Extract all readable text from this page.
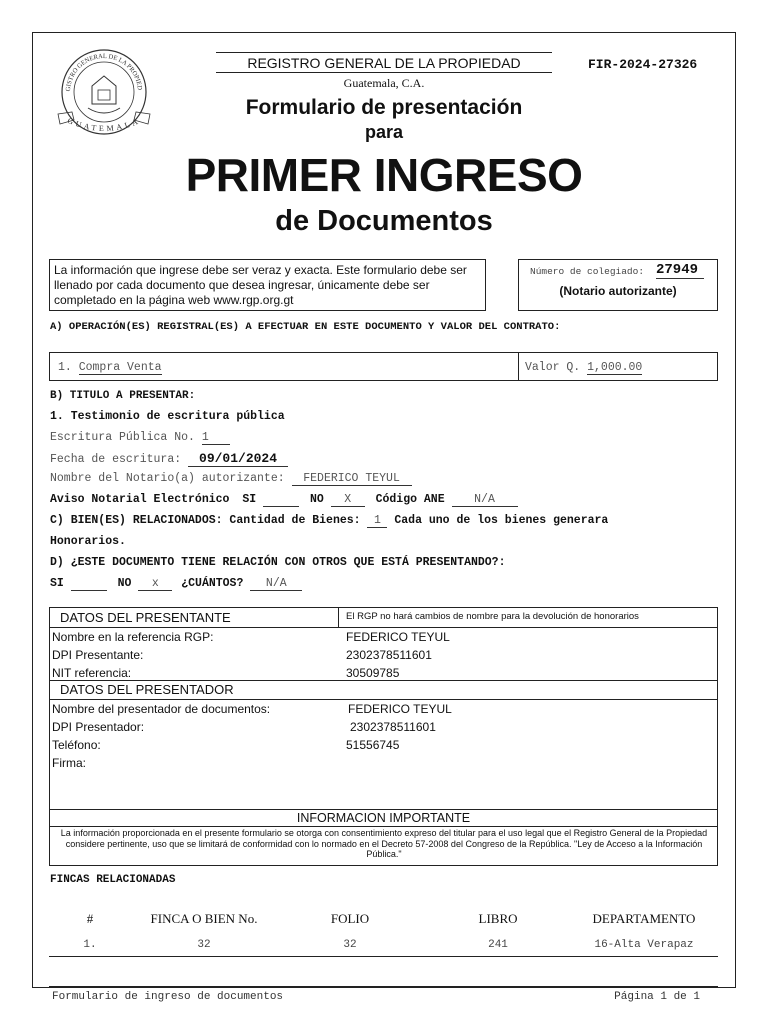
GISTRO GENERAL DE LA PROPIED
GUATEMALA
REGISTRO GENERAL DE LA PROPIEDAD
Guatemala, C.A.
FIR-2024-27326
Formulario de presentación
para
PRIMER INGRESO
de Documentos
La información que ingrese debe ser veraz y exacta. Este formulario debe ser llenado por cada documento que desea ingresar, únicamente debe ser completado en la página web www.rgp.org.gt
Número de colegiado: 27949
(Notario autorizante)
A) OPERACIÓN(ES) REGISTRAL(ES) A EFECTUAR EN ESTE DOCUMENTO Y VALOR DEL CONTRATO:
1. Compra Venta	Valor Q. 1,000.00
B) TITULO A PRESENTAR:
1. Testimonio de escritura pública
Escritura Pública No. 1
Fecha de escritura: 09/01/2024
Nombre del Notario(a) autorizante: FEDERICO TEYUL
Aviso Notarial Electrónico SI	NO X Código ANE	N/A
C) BIEN(ES) RELACIONADOS: Cantidad de Bienes: 1 Cada uno de los bienes generara
Honorarios.
D) ¿ESTE DOCUMENTO TIENE RELACIÓN CON OTROS QUE ESTÁ PRESENTANDO?:
SI	NO x ¿CUÁNTOS? N/A
DATOS DEL PRESENTANTE	El RGP no hará cambios de nombre para la devolución de honorarios
Nombre en la referencia RGP:	FEDERICO TEYUL
DPI Presentante:	2302378511601
NIT referencia:	30509785
DATOS DEL PRESENTADOR
Nombre del presentador de documentos:	FEDERICO TEYUL
DPI Presentador:	2302378511601
Teléfono:	51556745
Firma:
INFORMACION IMPORTANTE
La información proporcionada en el presente formulario se otorga con consentimiento expreso del titular para el uso legal que el Registro General de la Propiedad considere pertinente, uso que se limitará de conformidad con lo normado en el Decreto 57-2008 del Congreso de la República. "Ley de Acceso a la Información Pública."
FINCAS RELACIONADAS
#	FINCA O BIEN No.	FOLIO	LIBRO	DEPARTAMENTO
1.	32	32	241	16-Alta Verapaz
Formulario de ingreso de documentos	Página 1 de 1
